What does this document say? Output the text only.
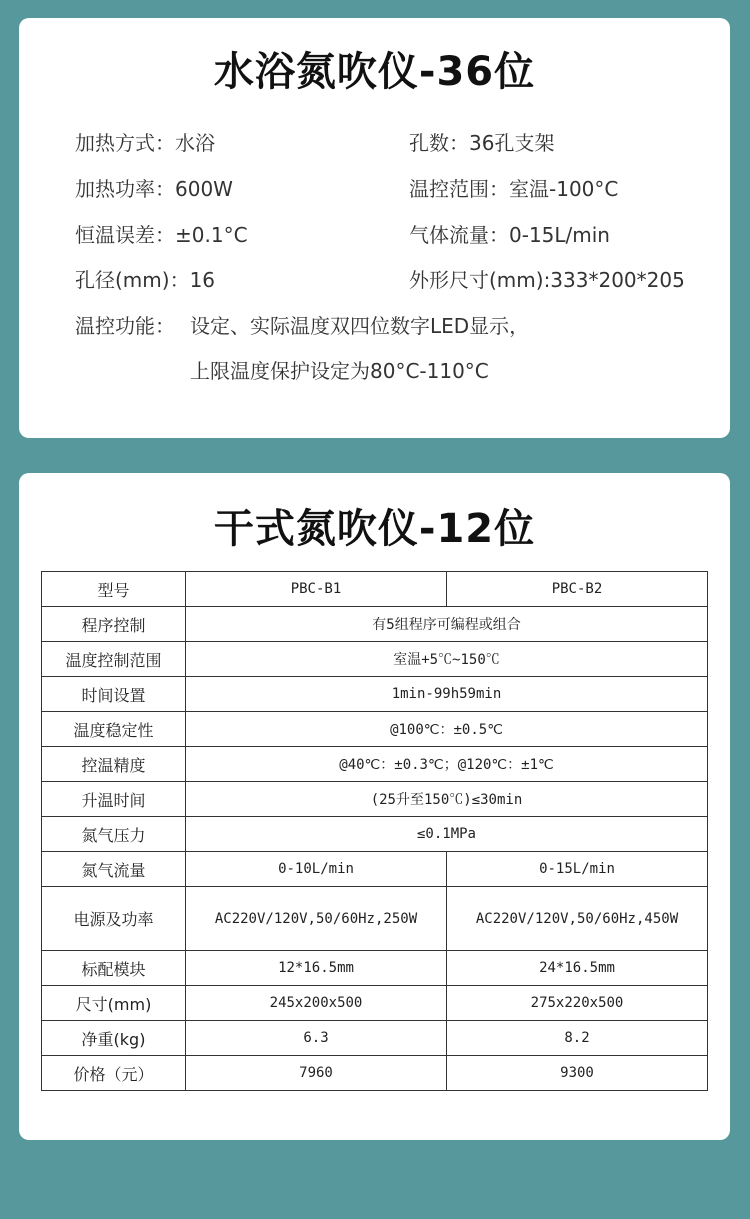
水浴氮吹仪-36位
加热方式：水浴	孔数：36孔支架
加热功率：600W	温控范围：室温-100°C
恒温误差：±0.1°C	气体流量：0-15L/min
孔径(mm)：16	外形尺寸(mm):333*200*205
温控功能： 设定、实际温度双四位数字LED显示，
上限温度保护设定为80°C-110°C
干式氮吹仪-12位
型号	PBC-B1	PBC-B2
程序控制	有5组程序可编程或组合	
温度控制范围	室温+5℃~150℃	
时间设置	1min-99h59min	
温度稳定性	@100℃：±0.5℃	
控温精度	@40℃：±0.3℃；@120℃：±1℃	
升温时间	(25升至150℃)≤30min	
氮气压力	≤0.1MPa	
氮气流量	0-10L/min	0-15L/min
电源及功率	AC220V/120V,50/60Hz,250W	AC220V/120V,50/60Hz,450W
标配模块	12*16.5mm	24*16.5mm
尺寸(mm)	245x200x500	275x220x500
净重(kg)	6.3	8.2
价格（元）	7960	9300
